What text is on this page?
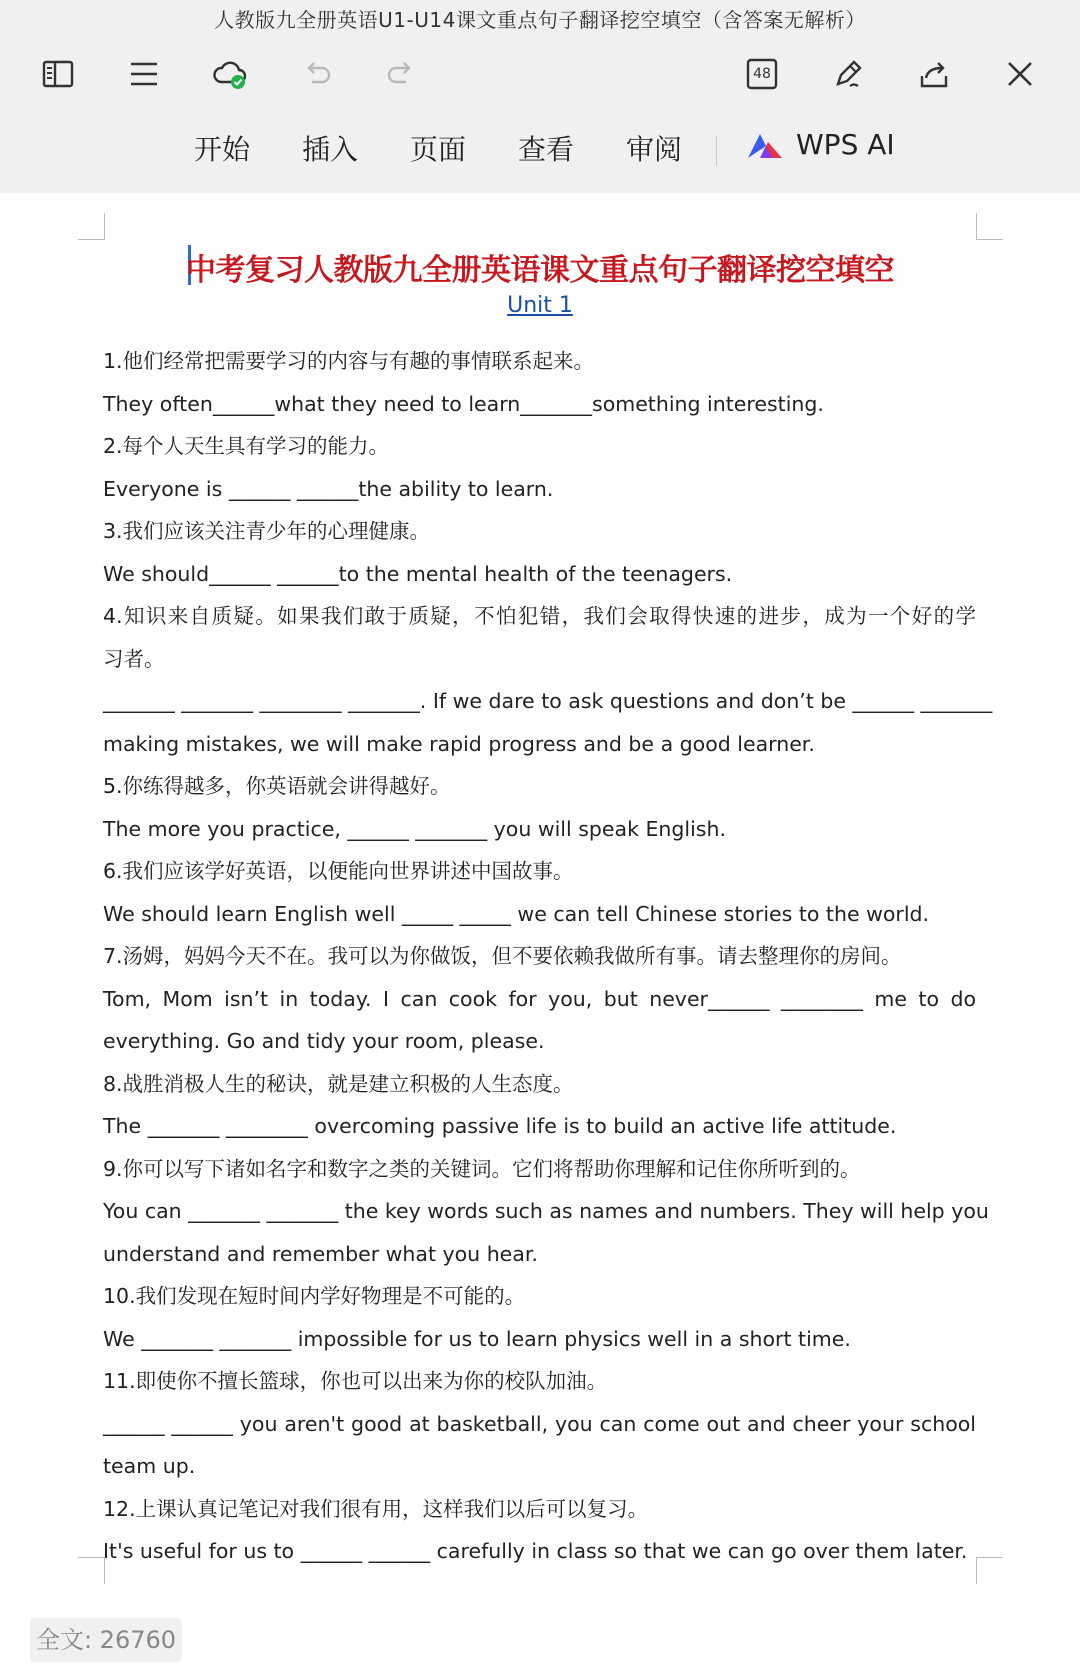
人教版九全册英语U1-U14课文重点句子翻译挖空填空（含答案无解析）
48
开始 插入 页面 查看 审阅	WPS AI
中考复习人教版九全册英语课文重点句子翻译挖空填空
Unit 1
1.他们经常把需要学习的内容与有趣的事情联系起来。
They often______what they need to learn_______something interesting.
2.每个人天生具有学习的能力。
Everyone is ______ ______the ability to learn.
3.我们应该关注青少年的心理健康。
We should______ ______to the mental health of the teenagers.
4.知识来自质疑。如果我们敢于质疑，不怕犯错，我们会取得快速的进步，成为一个好的学
习者。
_______ _______ ________ _______. If we dare to ask questions and don’t be ______ _______
making mistakes, we will make rapid progress and be a good learner.
5.你练得越多，你英语就会讲得越好。
The more you practice, ______ _______ you will speak English.
6.我们应该学好英语，以便能向世界讲述中国故事。
We should learn English well _____ _____ we can tell Chinese stories to the world.
7.汤姆，妈妈今天不在。我可以为你做饭，但不要依赖我做所有事。请去整理你的房间。
Tom, Mom isn’t in today. I can cook for you, but never______ ________ me to do
everything. Go and tidy your room, please.
8.战胜消极人生的秘诀，就是建立积极的人生态度。
The _______ ________ overcoming passive life is to build an active life attitude.
9.你可以写下诸如名字和数字之类的关键词。它们将帮助你理解和记住你所听到的。
You can _______ _______ the key words such as names and numbers. They will help you
understand and remember what you hear.
10.我们发现在短时间内学好物理是不可能的。
We _______ _______ impossible for us to learn physics well in a short time.
11.即使你不擅长篮球，你也可以出来为你的校队加油。
______ ______ you aren't good at basketball, you can come out and cheer your school
team up.
12.上课认真记笔记对我们很有用，这样我们以后可以复习。
It's useful for us to ______ ______ carefully in class so that we can go over them later.
全文: 26760
